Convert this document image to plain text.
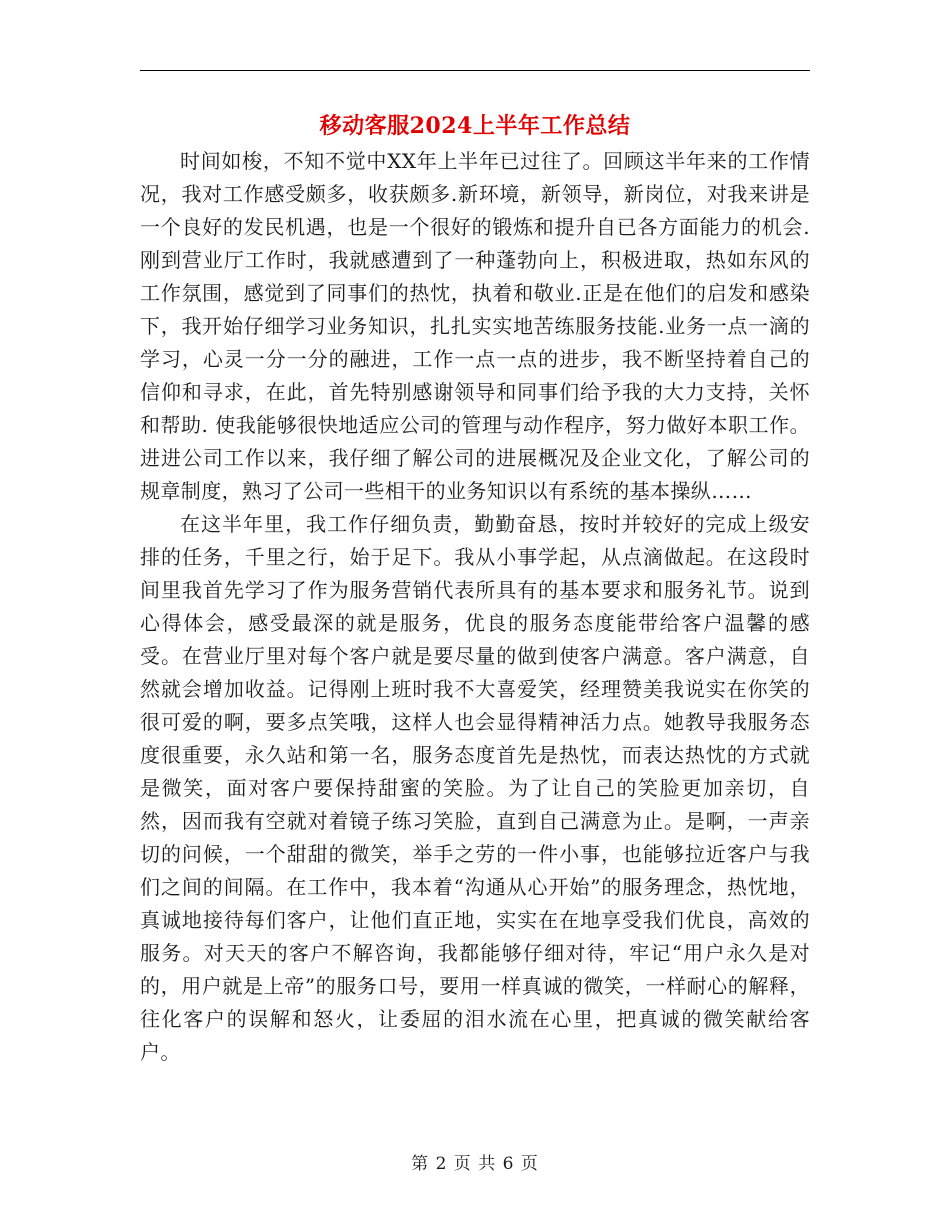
移动客服2024上半年工作总结

时间如梭，不知不觉中XX年上半年已过往了。回顾这半年来的工作情况，我对工作感受颇多，收获颇多.新环境，新领导，新岗位，对我来讲是一个良好的发民机遇，也是一个很好的锻炼和提升自已各方面能力的机会.刚到营业厅工作时，我就感遭到了一种蓬勃向上，积极进取，热如东风的工作氛围，感觉到了同事们的热忱，执着和敬业.正是在他们的启发和感染下，我开始仔细学习业务知识，扎扎实实地苦练服务技能.业务一点一滴的学习，心灵一分一分的融进，工作一点一点的进步，我不断坚持着自己的信仰和寻求，在此，首先特别感谢领导和同事们给予我的大力支持，关怀和帮助. 使我能够很快地适应公司的管理与动作程序，努力做好本职工作。进进公司工作以来，我仔细了解公司的进展概况及企业文化，了解公司的规章制度，熟习了公司一些相干的业务知识以有系统的基本操纵……

在这半年里，我工作仔细负责，勤勤奋恳，按时并较好的完成上级安排的任务，千里之行，始于足下。我从小事学起，从点滴做起。在这段时间里我首先学习了作为服务营销代表所具有的基本要求和服务礼节。说到心得体会，感受最深的就是服务，优良的服务态度能带给客户温馨的感受。在营业厅里对每个客户就是要尽量的做到使客户满意。客户满意，自然就会增加收益。记得刚上班时我不大喜爱笑，经理赞美我说实在你笑的很可爱的啊，要多点笑哦，这样人也会显得精神活力点。她教导我服务态度很重要，永久站和第一名，服务态度首先是热忱，而表达热忱的方式就是微笑，面对客户要保持甜蜜的笑脸。为了让自己的笑脸更加亲切，自然，因而我有空就对着镜子练习笑脸，直到自己满意为止。是啊，一声亲切的问候，一个甜甜的微笑，举手之劳的一件小事，也能够拉近客户与我们之间的间隔。在工作中，我本着“沟通从心开始”的服务理念，热忱地，真诚地接待每们客户，让他们直正地，实实在在地享受我们优良，高效的服务。对天天的客户不解咨询，我都能够仔细对待，牢记“用户永久是对的，用户就是上帝”的服务口号，要用一样真诚的微笑，一样耐心的解释，往化客户的误解和怒火，让委屈的泪水流在心里，把真诚的微笑献给客户。

第 2 页 共 6 页
